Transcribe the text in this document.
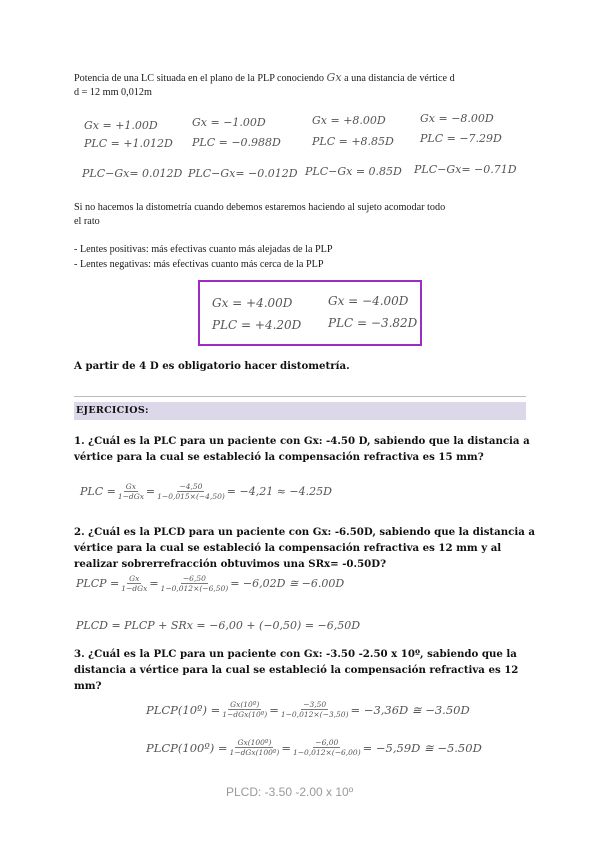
Potencia de una LC situada en el plano de la PLP conociendo Gx a una distancia de vértice d
d = 12 mm 0,012m
Gx = +1.00D
PLC = +1.012D
PLC−Gx= 0.012D
Gx = −1.00D
PLC = −0.988D
PLC−Gx= −0.012D
Gx = +8.00D
PLC = +8.85D
PLC−Gx = 0.85D
Gx = −8.00D
PLC = −7.29D
PLC−Gx= −0.71D
Si no hacemos la distometría cuando debemos estaremos haciendo al sujeto acomodar todo
el rato
- Lentes positivas: más efectivas cuanto más alejadas de la PLP
- Lentes negativas: más efectivas cuanto más cerca de la PLP
Gx = +4.00D
PLC = +4.20D
Gx = −4.00D
PLC = −3.82D
A partir de 4 D es obligatorio hacer distometría.
EJERCICIOS:
1. ¿Cuál es la PLC para un paciente con Gx: -4.50 D, sabiendo que la distancia a
vértice para la cual se estableció la compensación refractiva es 15 mm?
PLC = $\frac{Gx}{\text{1−dGx}} = \frac{-4,50}{1-0,015\times(-4,50)} = -4,21 \approx -4.25D$
2. ¿Cuál es la PLCD para un paciente con Gx: -6.50D, sabiendo que la distancia a
vértice para la cual se estableció la compensación refractiva es 12 mm y al
realizar sobrerrefracción obtuvimos una SRx= -0.50D?
PLCP = $\frac{Gx}{\text{1−dGx}} = \frac{-6,50}{1-0,012\times(-6,50)} = -6,02D$ ≅ −6.00D
PLCD = PLCP + SRx = −6,00 + (−0,50) = −6,50D
3. ¿Cuál es la PLC para un paciente con Gx: -3.50 -2.50 x 10º, sabiendo que la
distancia a vértice para la cual se estableció la compensación refractiva es 12
mm?
PLCP(10º) = $\frac{\text{Gx(10º)}}{\text{1−dGx(10º)}} = \frac{-3,50}{1-0,012\times(-3,50)} = -3,36D$ ≅ −3.50D
PLCP(100º) = $\frac{\text{Gx(100º)}}{\text{1−dGx(100º)}} = \frac{-6,00}{1-0,012\times(-6,00)} = -5,59D$ ≅ −5.50D
PLCD: -3.50 -2.00 x 10º
